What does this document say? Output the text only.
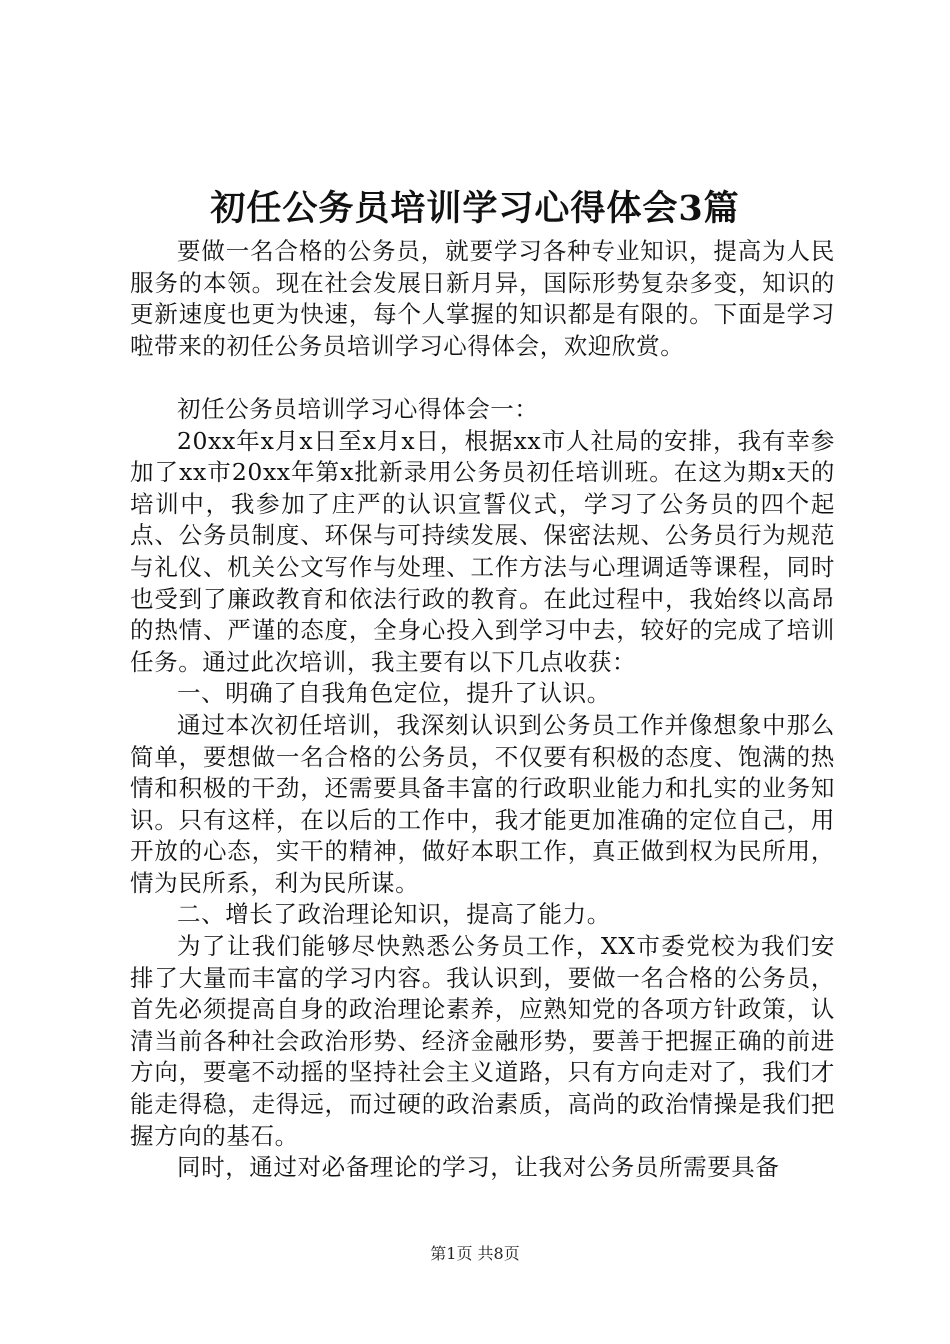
初任公务员培训学习心得体会3篇

要做一名合格的公务员，就要学习各种专业知识，提高为人民服务的本领。现在社会发展日新月异，国际形势复杂多变，知识的更新速度也更为快速，每个人掌握的知识都是有限的。下面是学习啦带来的初任公务员培训学习心得体会，欢迎欣赏。

初任公务员培训学习心得体会一：

20xx年x月x日至x月x日，根据xx市人社局的安排，我有幸参加了xx市20xx年第x批新录用公务员初任培训班。在这为期x天的培训中，我参加了庄严的认识宣誓仪式，学习了公务员的四个起点、公务员制度、环保与可持续发展、保密法规、公务员行为规范与礼仪、机关公文写作与处理、工作方法与心理调适等课程，同时也受到了廉政教育和依法行政的教育。在此过程中，我始终以高昂的热情、严谨的态度，全身心投入到学习中去，较好的完成了培训任务。通过此次培训，我主要有以下几点收获：

一、明确了自我角色定位，提升了认识。

通过本次初任培训，我深刻认识到公务员工作并像想象中那么简单，要想做一名合格的公务员，不仅要有积极的态度、饱满的热情和积极的干劲，还需要具备丰富的行政职业能力和扎实的业务知识。只有这样，在以后的工作中，我才能更加准确的定位自己，用开放的心态，实干的精神，做好本职工作，真正做到权为民所用，情为民所系，利为民所谋。

二、增长了政治理论知识，提高了能力。

为了让我们能够尽快熟悉公务员工作，XX市委党校为我们安排了大量而丰富的学习内容。我认识到，要做一名合格的公务员，首先必须提高自身的政治理论素养，应熟知党的各项方针政策，认清当前各种社会政治形势、经济金融形势，要善于把握正确的前进方向，要毫不动摇的坚持社会主义道路，只有方向走对了，我们才能走得稳，走得远，而过硬的政治素质，高尚的政治情操是我们把握方向的基石。

同时，通过对必备理论的学习，让我对公务员所需要具备

第1页 共8页
